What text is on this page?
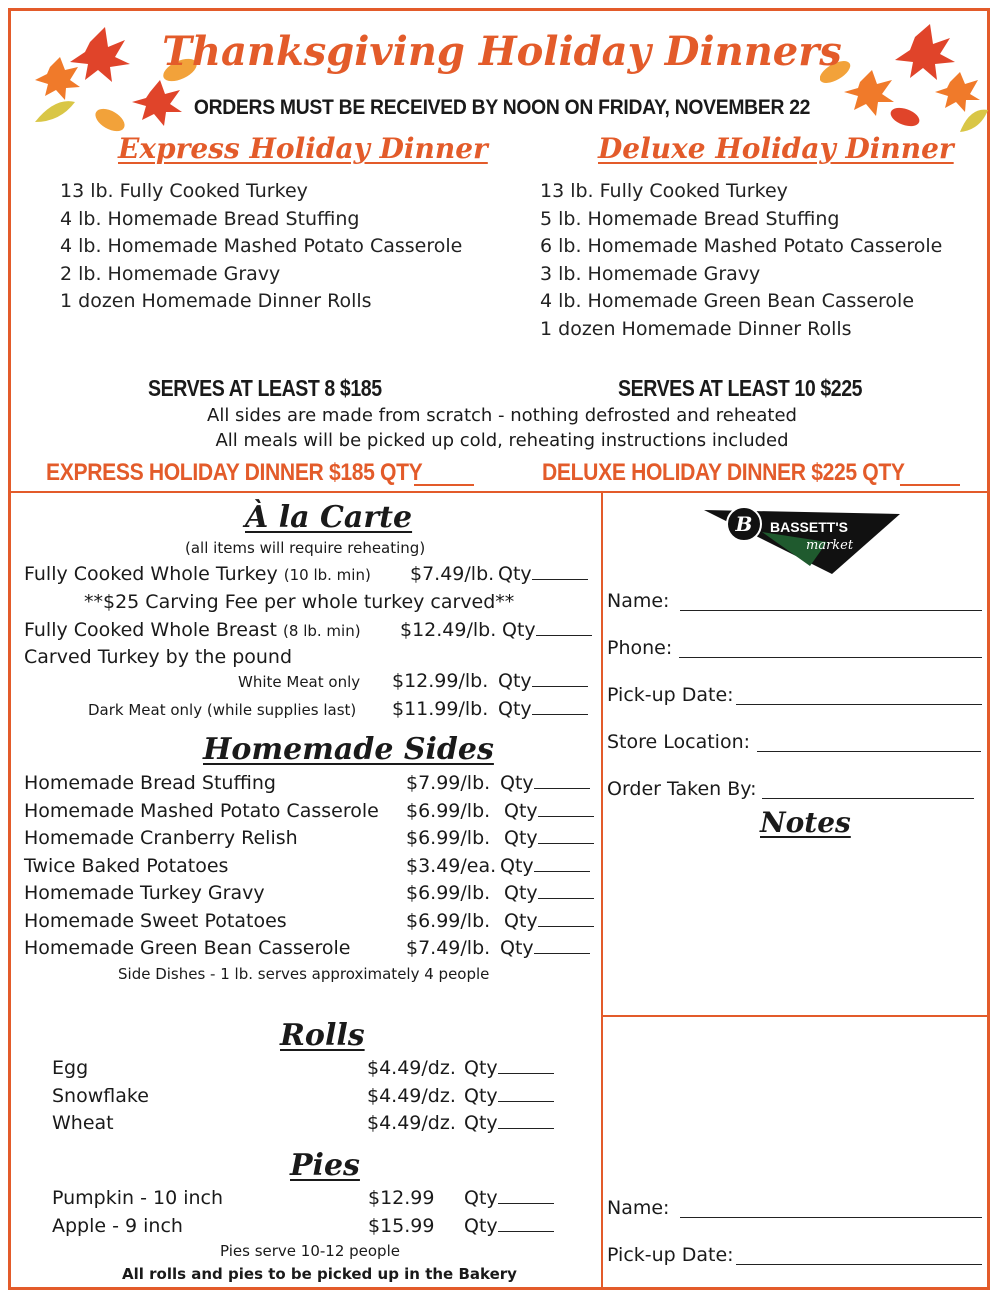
Thanksgiving Holiday Dinners
ORDERS MUST BE RECEIVED BY NOON ON FRIDAY, NOVEMBER 22
Express Holiday Dinner
13 lb. Fully Cooked Turkey
4 lb. Homemade Bread Stuffing
4 lb. Homemade Mashed Potato Casserole
2 lb. Homemade Gravy
1 dozen Homemade Dinner Rolls
Deluxe Holiday Dinner
13 lb. Fully Cooked Turkey
5 lb. Homemade Bread Stuffing
6 lb. Homemade Mashed Potato Casserole
3 lb. Homemade Gravy
4 lb. Homemade Green Bean Casserole
1 dozen Homemade Dinner Rolls
SERVES AT LEAST 8 $185	SERVES AT LEAST 10 $225
All sides are made from scratch - nothing defrosted and reheated
All meals will be picked up cold, reheating instructions included
EXPRESS HOLIDAY DINNER $185 QTY	DELUXE HOLIDAY DINNER $225 QTY
À la Carte
(all items will require reheating)
Fully Cooked Whole Turkey (10 lb. min) $7.49/lb. Qty
**$25 Carving Fee per whole turkey carved**
Fully Cooked Whole Breast (8 lb. min) $12.49/lb. Qty
Carved Turkey by the pound
White Meat only $12.99/lb. Qty
Dark Meat only (while supplies last) $11.99/lb. Qty
Homemade Sides
Homemade Bread Stuffing	$7.99/lb. Qty
Homemade Mashed Potato Casserole $6.99/lb. Qty
Homemade Cranberry Relish	$6.99/lb. Qty
Twice Baked Potatoes	$3.49/ea. Qty
Homemade Turkey Gravy	$6.99/lb. Qty
Homemade Sweet Potatoes	$6.99/lb. Qty
Homemade Green Bean Casserole	$7.49/lb. Qty
Side Dishes - 1 lb. serves approximately 4 people
Rolls
Egg	$4.49/dz. Qty
Snowflake	$4.49/dz. Qty
Wheat	$4.49/dz. Qty
Pies
Pumpkin - 10 inch	$12.99 Qty
Apple - 9 inch	$15.99 Qty
Pies serve 10-12 people
All rolls and pies to be picked up in the Bakery
B BASSETT'S
market
Name:
Phone:
Pick-up Date:
Store Location:
Order Taken By:
Notes
Name:
Pick-up Date:
